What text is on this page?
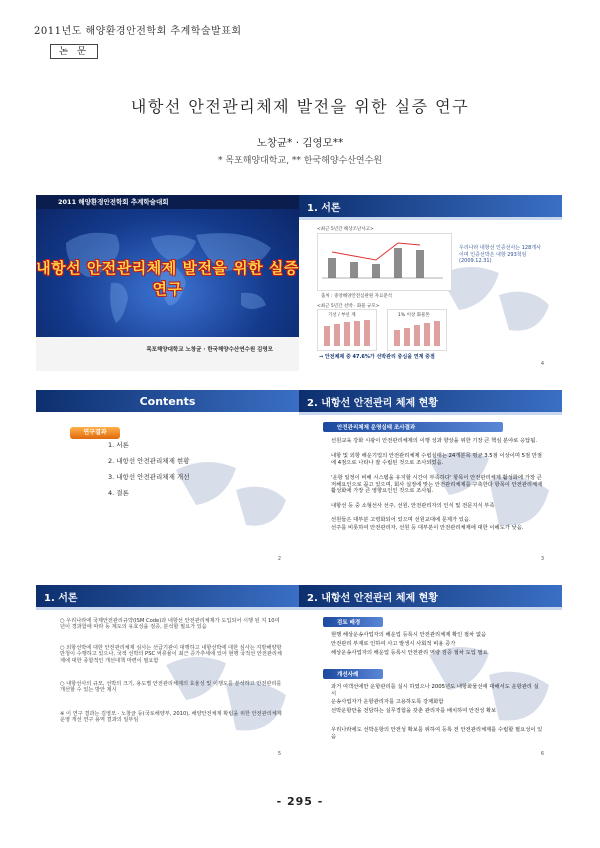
2011년도 해양환경안전학회 추계학술발표회
논 문
내항선 안전관리체제 발전을 위한 실증 연구
노창균* · 김영모**
* 목포해양대학교, ** 한국해양수산연수원
2011 해양환경안전학회 추계학술대회
내항선 안전관리체제 발전을 위한 실증 연구
목포해양대학교 노창균 · 한국해양수산연수원 김영모
1. 서론
<최근 5년간 해상조난사고>
출처 : 중앙해양안전심판원 자료분석
우리나라 내항선 인증선사는 128개사 이며 인증선박은 내항 293척임 (2009.12.31)
<최근 5년간 선박 · 화물 규모>
기선 / 부선 계	1% 이상 화물톤
→ 안전체제 중 47.6%가 선박관리 중심을 연계 중점
4
Contents
연구결과
1. 서론
2. 내항선 안전관리체제 현황
3. 내항선 안전관리체제 개선
4. 결론
2
2. 내항선 안전관리 체제 현황
안전관리체제 운영실태 조사결과
선원교육 강화 시광이 안전관리체제의 이행 성과 향상을 위한 기장 큰 핵심 분야로 응답됨.
내항 및 외항 해운기업의 안전관리체제 수립실태는 24개분목 평균 3.5점 이상이며 5점 만점에 4점으로 나타나 잘 수립된 것으로 조사되었음.
'운항 일정이 비해 시스템을 유지할 시간이 부족하다' 항목이 안전관리체제 활성화에 가장 큰 저해요인으로 꼽고 있으며, 회사 실정에 맞는 안전관리체제를 구축한다 항목이 안전관리체제 활성화에 가장 큰 영향요인인 것으로 조사됨.
내항선 등 중 소형선사 선주, 선원, 안전관리자의 인식 및 전문지식 부족
선원들은 대부분 고령화되어 있으며 선원교대에 문제가 있음.
선주를 비롯하여 안전관리자, 선원 등 대부분이 안전관리체제에 대한 이해도가 낮음.
3
1. 서론
○ 우리나라에 국제안전관리규약(ISM Code)과 내항선 안전관리체제가 도입되어 시행 된 지 10여년이 경과함에 따라 동 제도의 유효성을 검증, 분석할 필요가 있음
○ 외항선박에 대한 안전관리체제 심사는 선급기관이 대행하고 내항선박에 대한 심사는 지방해양항만청이 수행하고 있으나, 국적 선박의 PSC 억류율이 최근 증가추세에 있어 현행 국적선 안전관리체제에 대한 종합적인 개선대책 마련이 필요함
○ 내항선사의 규모, 선박의 크기, 용도별 안전관리체제의 효율성 및 이행도를 분석하고 안전관리를 개선할 수 있는 방안 제시
※ 이 연구 결과는 김영모 · 노창균 등(국토해양부, 2010), 해양안전체계 확립을 위한 안전관리체제 운영 개선 연구 용역 결과의 일부임
5
2. 내항선 안전관리 체제 현황
검토 배경
현행 해상운송사업자의 해운업 등록시 안전관리체제 확인 절차 없음
안전관리 부재로 인하여 사고 발생시 사회적 비용 증가
해상운송사업자의 해운업 등록시 안전관리 역량 검증 절차 도입 필요
개선사례
과거 여객선에만 운항관리를 실시 하였으나 2005년도 내항화물선에 대해서도 운항관리 실시
운송사업자가 운항관리자를 고용하도록 강제화함
선박운항만을 전담하는 실무경험을 갖춘 관리자를 배치하여 안전성 확보
우리나라에도 선박운항의 안전성 확보를 위하여 등록 전 안전관리체제를 수립할 필요성이 있음
6
- 295 -
